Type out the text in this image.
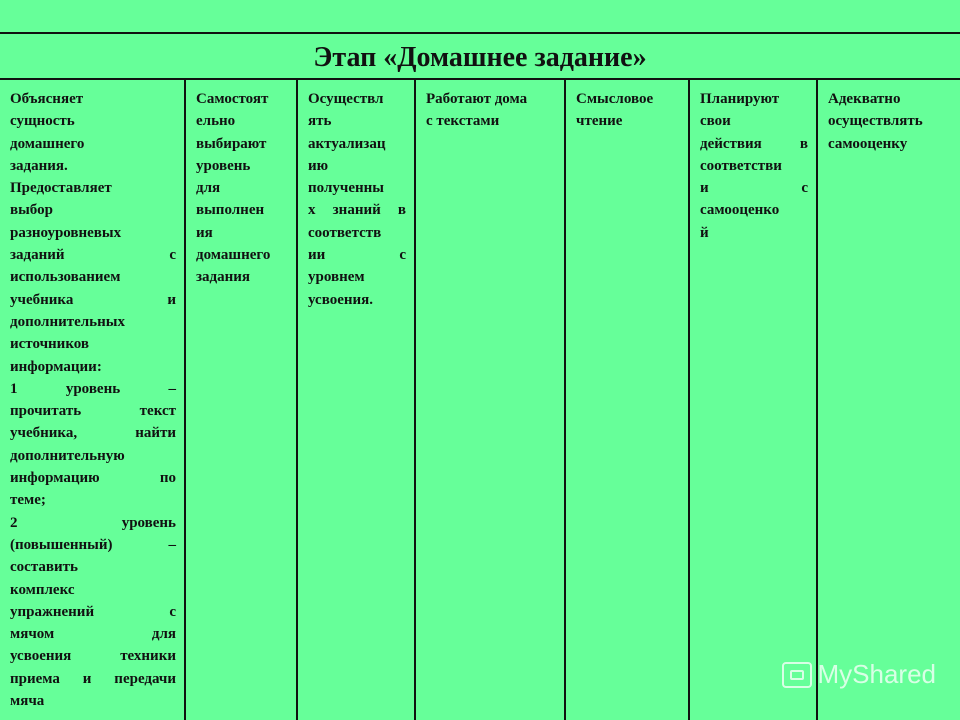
Этап «Домашнее задание»

Объясняет

сущность

домашнего

задания.

Предоставляет

выбор

разноуровневых

заданий с

использованием

учебника и

дополнительных

источников

информации:

1 уровень –

прочитать текст

учебника, найти

дополнительную

информацию по

теме;

2 уровень

(повышенный) –

составить

комплекс

упражнений с

мячом для

усвоения техники

приема и передачи

мяча

Самостоят

ельно

выбирают

уровень

для

выполнен

ия

домашнего

задания

Осуществл

ять

актуализац

ию

полученны

х знаний в

соответств

ии с

уровнем

усвоения.

Работают дома

с текстами

Смысловое

чтение

Планируют

свои

действия в

соответстви

и с

самооценко

й

Адекватно

осуществлять

самооценку

MyShared
